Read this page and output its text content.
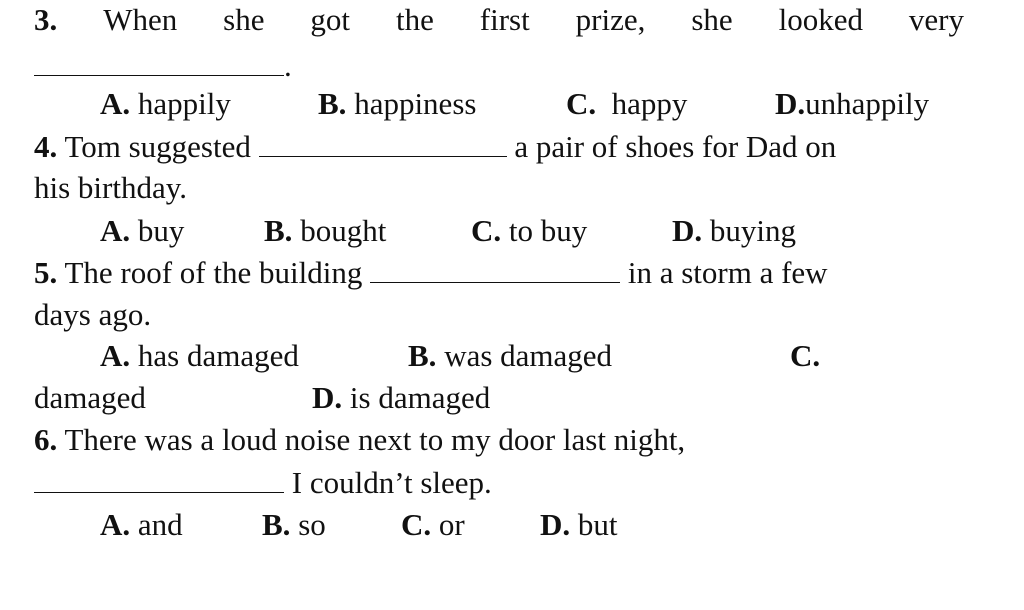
3. When she got the first prize, she looked very
.
A. happily	B. happiness	C.  happy	D.unhappily
4. Tom suggested	a pair of shoes for Dad on
his birthday.
A. buy	B. bought	C. to buy	D. buying
5. The roof of the building	in a storm a few
days ago.
A. has damaged	B. was damaged	C.
damaged	D. is damaged
6. There was a loud noise next to my door last night,
I couldn’t sleep.
A. and	B. so C. or D. but
